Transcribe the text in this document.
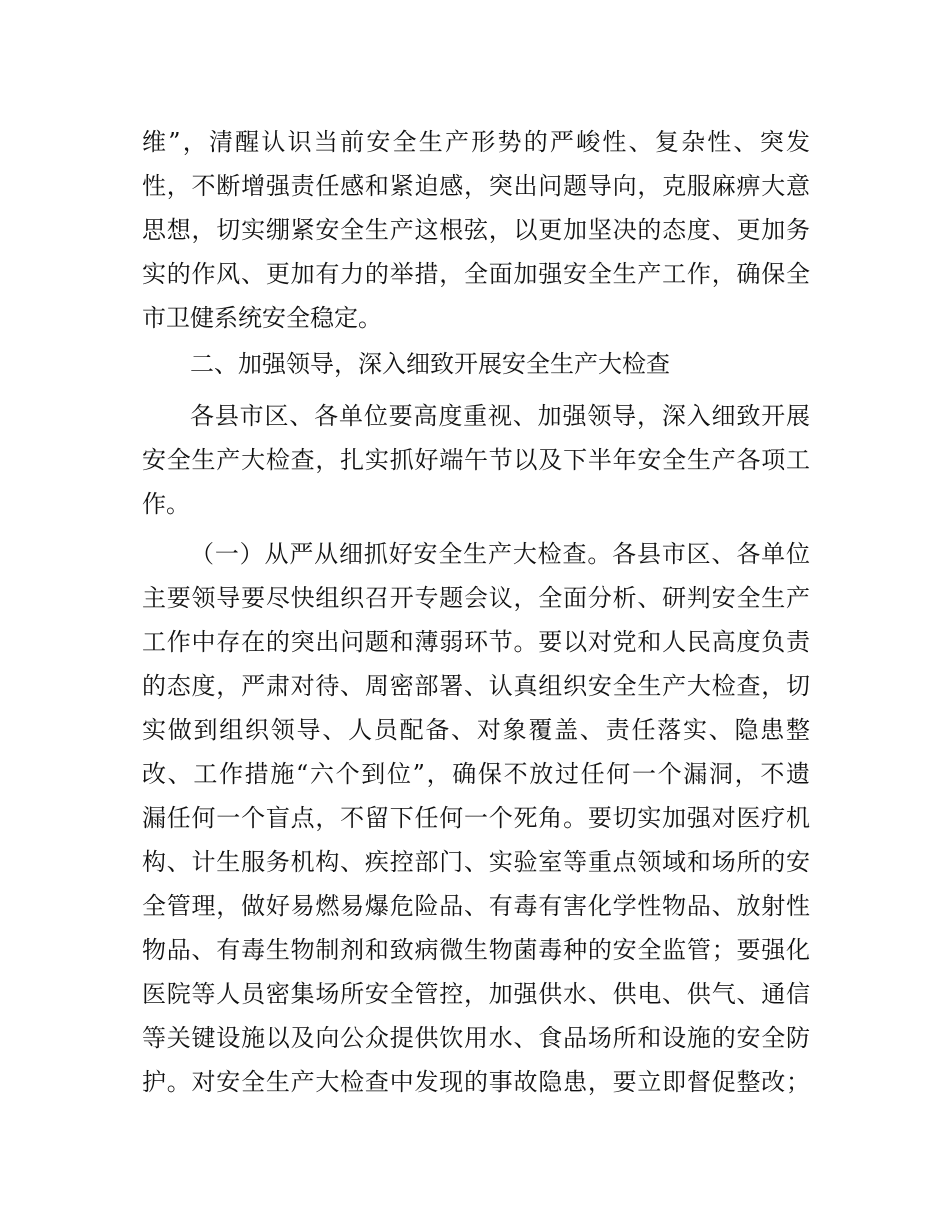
维”，清醒认识当前安全生产形势的严峻性、复杂性、突发

性，不断增强责任感和紧迫感，突出问题导向，克服麻痹大意

思想，切实绷紧安全生产这根弦，以更加坚决的态度、更加务

实的作风、更加有力的举措，全面加强安全生产工作，确保全

市卫健系统安全稳定。

二、加强领导，深入细致开展安全生产大检查

各县市区、各单位要高度重视、加强领导，深入细致开展

安全生产大检查，扎实抓好端午节以及下半年安全生产各项工

作。

（一）从严从细抓好安全生产大检查。各县市区、各单位

主要领导要尽快组织召开专题会议，全面分析、研判安全生产

工作中存在的突出问题和薄弱环节。要以对党和人民高度负责

的态度，严肃对待、周密部署、认真组织安全生产大检查，切

实做到组织领导、人员配备、对象覆盖、责任落实、隐患整

改、工作措施“六个到位”，确保不放过任何一个漏洞，不遗

漏任何一个盲点，不留下任何一个死角。要切实加强对医疗机

构、计生服务机构、疾控部门、实验室等重点领域和场所的安

全管理，做好易燃易爆危险品、有毒有害化学性物品、放射性

物品、有毒生物制剂和致病微生物菌毒种的安全监管；要强化

医院等人员密集场所安全管控，加强供水、供电、供气、通信

等关键设施以及向公众提供饮用水、食品场所和设施的安全防

护。对安全生产大检查中发现的事故隐患，要立即督促整改；
